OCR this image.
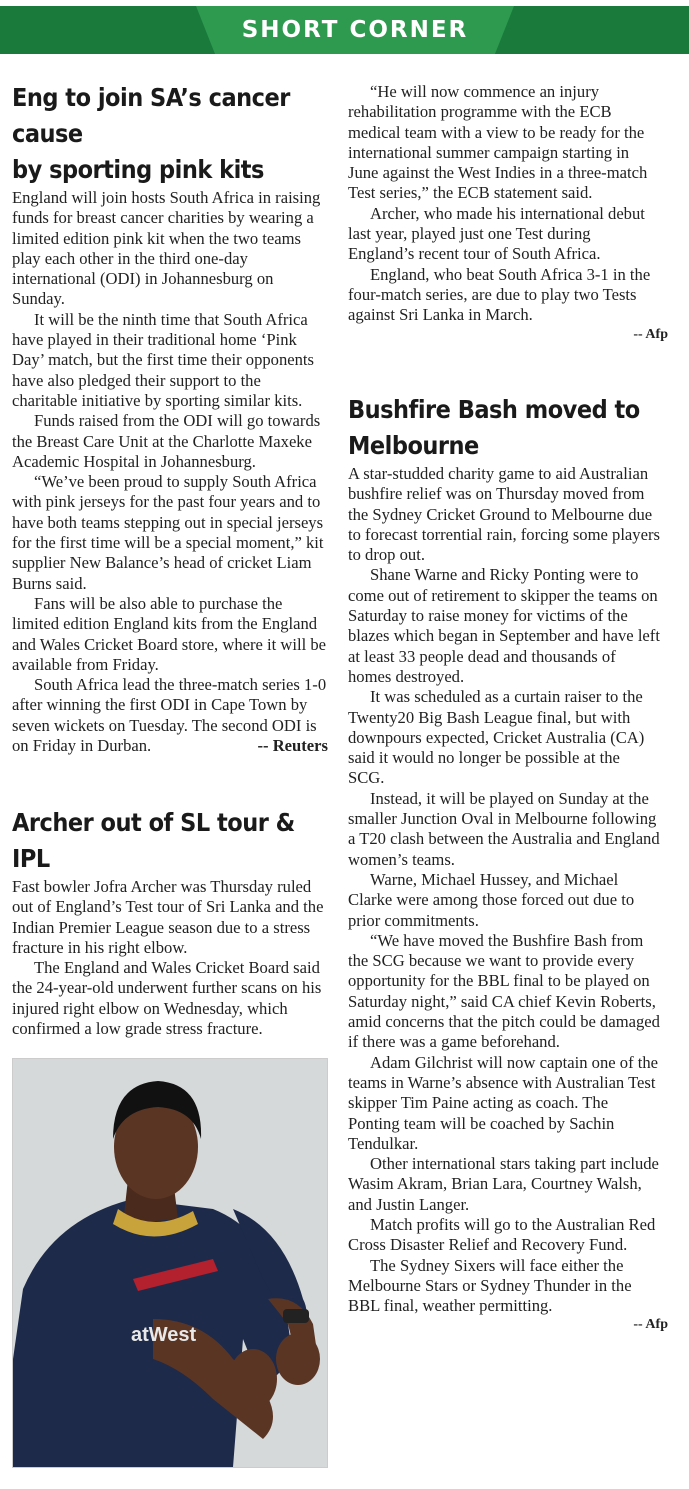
SHORT CORNER
Eng to join SA’s cancer cause
by sporting pink kits

England will join hosts South Africa in raising funds for breast cancer charities by wearing a limited edition pink kit when the two teams play each other in the third one-day international (ODI) in Johannesburg on Sunday.

It will be the ninth time that South Africa have played in their traditional home ‘Pink Day’ match, but the first time their opponents have also pledged their support to the charitable initiative by sporting similar kits.

Funds raised from the ODI will go towards the Breast Care Unit at the Charlotte Maxeke Academic Hospital in Johannesburg.

“We’ve been proud to supply South Africa with pink jerseys for the past four years and to have both teams stepping out in special jerseys for the first time will be a special moment,” kit supplier New Balance’s head of cricket Liam Burns said.

Fans will be also able to purchase the limited edition England kits from the England and Wales Cricket Board store, where it will be available from Friday.

South Africa lead the three-match series 1-0 after winning the first ODI in Cape Town by seven wickets on Tuesday. The second ODI is on Friday in Durban.	-- Reuters

Archer out of SL tour & IPL

Fast bowler Jofra Archer was Thursday ruled out of England’s Test tour of Sri Lanka and the Indian Premier League season due to a stress fracture in his right elbow.

The England and Wales Cricket Board said the 24-year-old underwent further scans on his injured right elbow on Wednesday, which confirmed a low grade stress fracture.

atWest

“He will now commence an injury rehabilitation programme with the ECB medical team with a view to be ready for the international summer campaign starting in June against the West Indies in a three-match Test series,” the ECB statement said.

Archer, who made his international debut last year, played just one Test during England’s recent tour of South Africa.

England, who beat South Africa 3-1 in the four-match series, are due to play two Tests against Sri Lanka in March.

-- Afp
Bushfire Bash moved to
Melbourne

A star-studded charity game to aid Australian bushfire relief was on Thursday moved from the Sydney Cricket Ground to Melbourne due to forecast torrential rain, forcing some players to drop out.

Shane Warne and Ricky Ponting were to come out of retirement to skipper the teams on Saturday to raise money for victims of the blazes which began in September and have left at least 33 people dead and thousands of homes destroyed.

It was scheduled as a curtain raiser to the Twenty20 Big Bash League final, but with downpours expected, Cricket Australia (CA) said it would no longer be possible at the SCG.

Instead, it will be played on Sunday at the smaller Junction Oval in Melbourne following a T20 clash between the Australia and England women’s teams.

Warne, Michael Hussey, and Michael Clarke were among those forced out due to prior commitments.

“We have moved the Bushfire Bash from the SCG because we want to provide every opportunity for the BBL final to be played on Saturday night,” said CA chief Kevin Roberts, amid concerns that the pitch could be damaged if there was a game beforehand.

Adam Gilchrist will now captain one of the teams in Warne’s absence with Australian Test skipper Tim Paine acting as coach. The Ponting team will be coached by Sachin Tendulkar.

Other international stars taking part include Wasim Akram, Brian Lara, Courtney Walsh, and Justin Langer.

Match profits will go to the Australian Red Cross Disaster Relief and Recovery Fund.

The Sydney Sixers will face either the Melbourne Stars or Sydney Thunder in the BBL final, weather permitting.

-- Afp
